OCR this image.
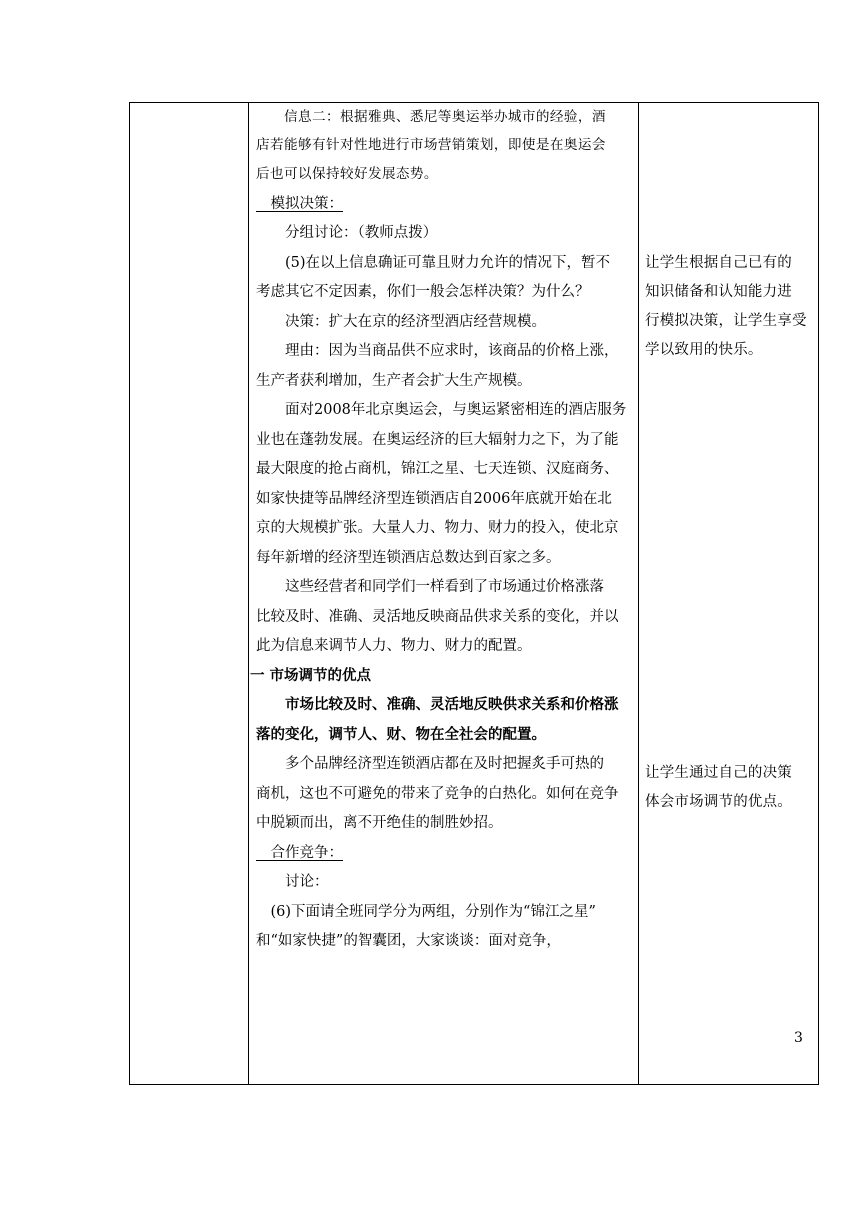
　　信息二：根据雅典、悉尼等奥运举办城市的经验，酒
店若能够有针对性地进行市场营销策划，即使是在奥运会
后也可以保持较好发展态势。
　模拟决策：
　　分组讨论：（教师点拨）
　　(5)在以上信息确证可靠且财力允许的情况下，暂不
考虑其它不定因素，你们一般会怎样决策？为什么？
　　决策：扩大在京的经济型酒店经营规模。
　　理由：因为当商品供不应求时，该商品的价格上涨，
生产者获利增加，生产者会扩大生产规模。
　　面对2008年北京奥运会，与奥运紧密相连的酒店服务
业也在蓬勃发展。在奥运经济的巨大辐射力之下，为了能
最大限度的抢占商机，锦江之星、七天连锁、汉庭商务、
如家快捷等品牌经济型连锁酒店自2006年底就开始在北
京的大规模扩张。大量人力、物力、财力的投入，使北京
每年新增的经济型连锁酒店总数达到百家之多。
　　这些经营者和同学们一样看到了市场通过价格涨落
比较及时、准确、灵活地反映商品供求关系的变化，并以
此为信息来调节人力、物力、财力的配置。
一 市场调节的优点
　　市场比较及时、准确、灵活地反映供求关系和价格涨
落的变化，调节人、财、物在全社会的配置。
　　多个品牌经济型连锁酒店都在及时把握炙手可热的
商机，这也不可避免的带来了竞争的白热化。如何在竞争
中脱颖而出，离不开绝佳的制胜妙招。
　合作竞争：
　　讨论：
　(6)下面请全班同学分为两组，分别作为“锦江之星”
和“如家快捷”的智囊团，大家谈谈：面对竞争，
让学生根据自己已有的
知识储备和认知能力进
行模拟决策，让学生享受
学以致用的快乐。
让学生通过自己的决策
体会市场调节的优点。
3
